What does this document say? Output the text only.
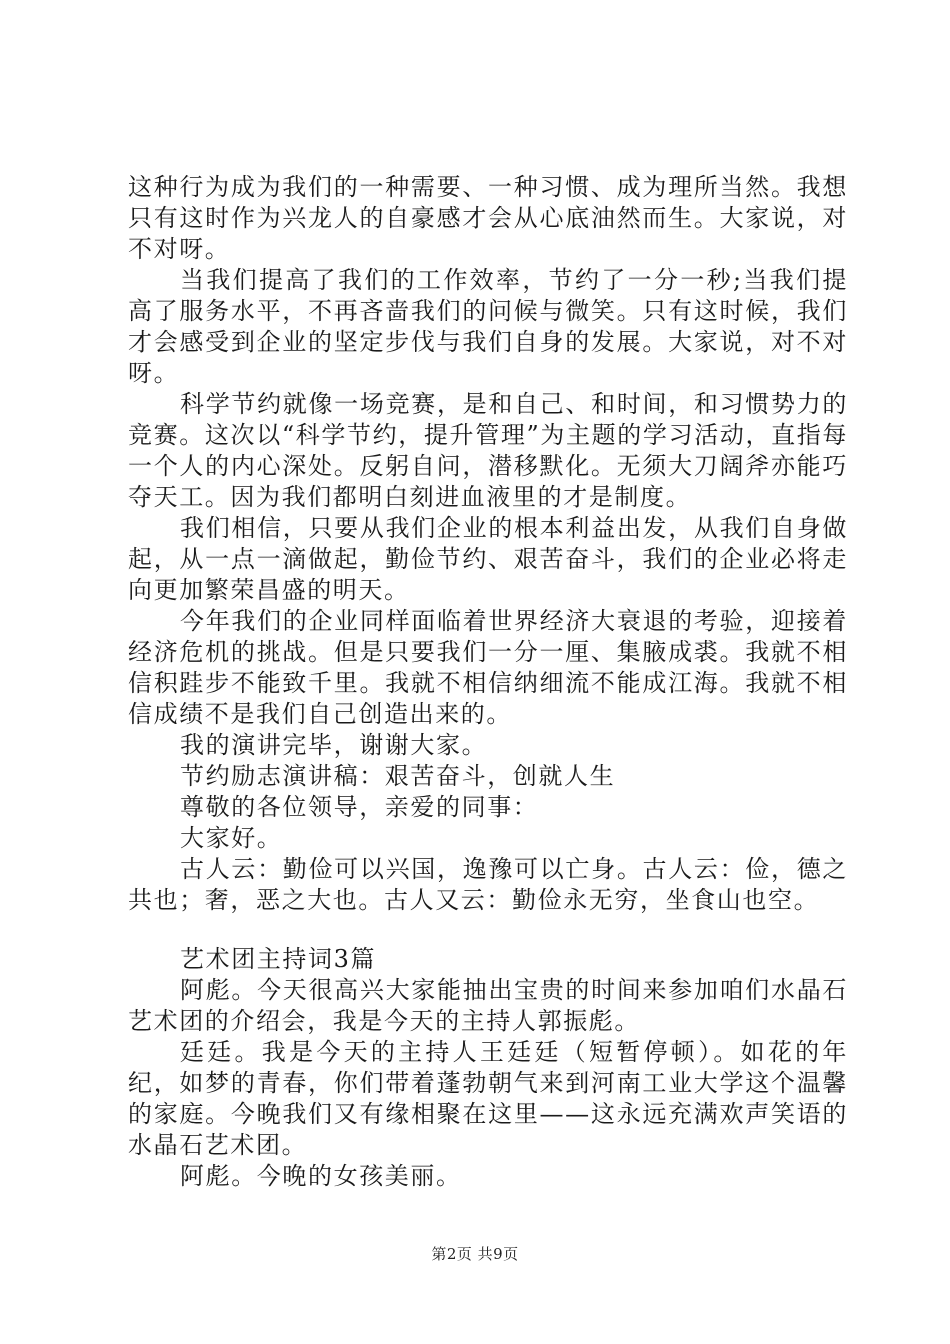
这种行为成为我们的一种需要、一种习惯、成为理所当然。我想只有这时作为兴龙人的自豪感才会从心底油然而生。大家说，对不对呀。

当我们提高了我们的工作效率，节约了一分一秒;当我们提高了服务水平，不再吝啬我们的问候与微笑。只有这时候，我们才会感受到企业的坚定步伐与我们自身的发展。大家说，对不对呀。

科学节约就像一场竞赛，是和自己、和时间，和习惯势力的竞赛。这次以“科学节约，提升管理”为主题的学习活动，直指每一个人的内心深处。反躬自问，潜移默化。无须大刀阔斧亦能巧夺天工。因为我们都明白刻进血液里的才是制度。

我们相信，只要从我们企业的根本利益出发，从我们自身做起，从一点一滴做起，勤俭节约、艰苦奋斗，我们的企业必将走向更加繁荣昌盛的明天。

今年我们的企业同样面临着世界经济大衰退的考验，迎接着经济危机的挑战。但是只要我们一分一厘、集腋成裘。我就不相信积跬步不能致千里。我就不相信纳细流不能成江海。我就不相信成绩不是我们自己创造出来的。

我的演讲完毕，谢谢大家。

节约励志演讲稿：艰苦奋斗，创就人生

尊敬的各位领导，亲爱的同事：

大家好。

古人云：勤俭可以兴国，逸豫可以亡身。古人云：俭，德之共也；奢，恶之大也。古人又云：勤俭永无穷，坐食山也空。

艺术团主持词3篇

阿彪。今天很高兴大家能抽出宝贵的时间来参加咱们水晶石艺术团的介绍会，我是今天的主持人郭振彪。

廷廷。我是今天的主持人王廷廷（短暂停顿）。如花的年纪，如梦的青春，你们带着蓬勃朝气来到河南工业大学这个温馨的家庭。今晚我们又有缘相聚在这里——这永远充满欢声笑语的水晶石艺术团。

阿彪。今晚的女孩美丽。

第2页 共9页
